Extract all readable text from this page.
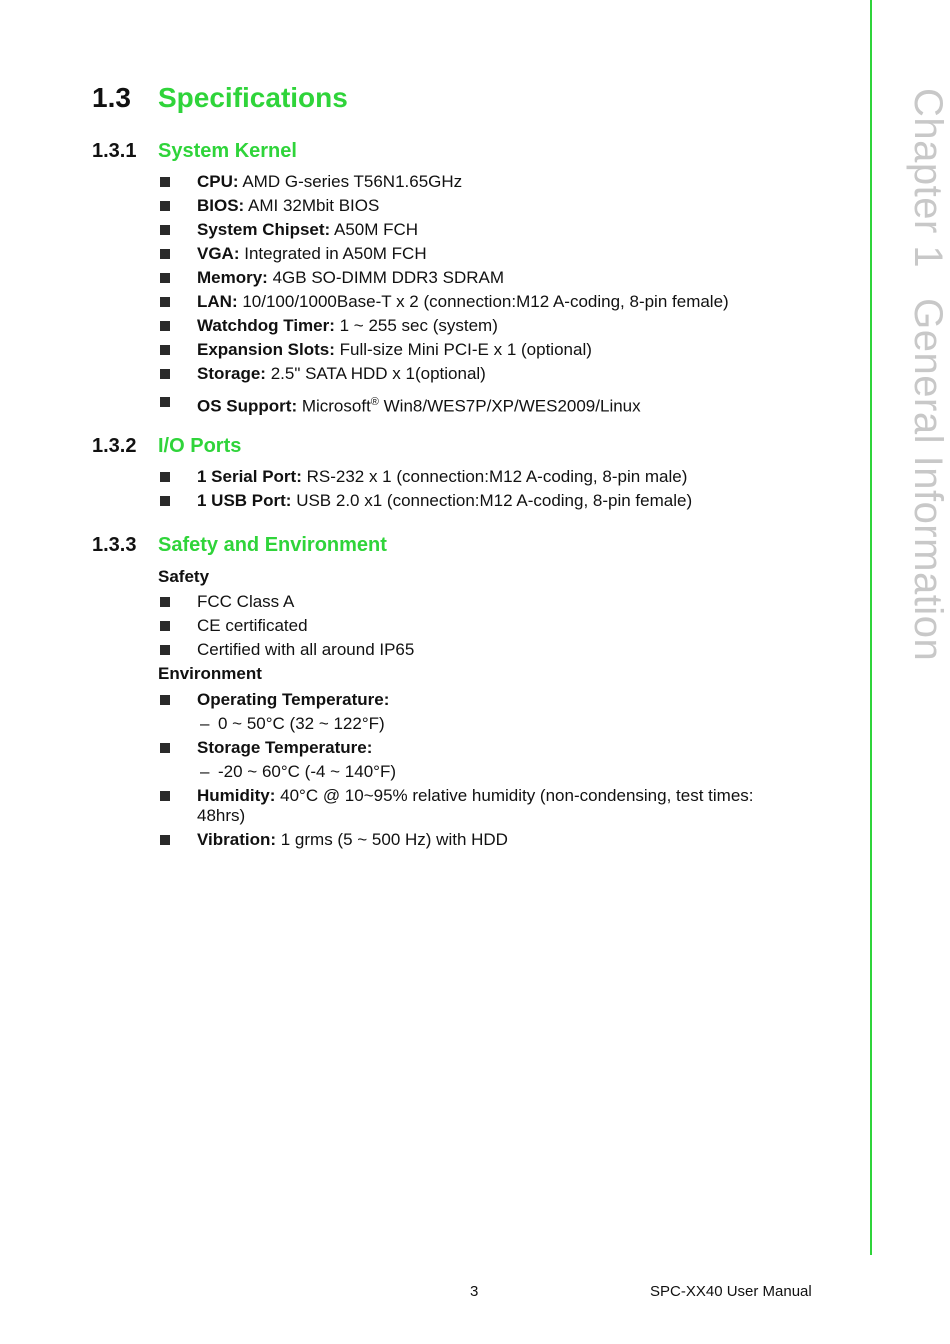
Chapter 1General Information
1.3 Specifications
1.3.1 System Kernel
CPU: AMD G-series T56N1.65GHz
BIOS: AMI 32Mbit BIOS
System Chipset: A50M FCH
VGA: Integrated in A50M FCH
Memory: 4GB SO-DIMM DDR3 SDRAM
LAN: 10/100/1000Base-T x 2 (connection:M12 A-coding, 8-pin female)
Watchdog Timer: 1 ~ 255 sec (system)
Expansion Slots: Full-size Mini PCI-E x 1 (optional)
Storage: 2.5" SATA HDD x 1(optional)
OS Support: Microsoft® Win8/WES7P/XP/WES2009/Linux
1.3.2 I/O Ports
1 Serial Port: RS-232 x 1 (connection:M12 A-coding, 8-pin male)
1 USB Port: USB 2.0 x1 (connection:M12 A-coding, 8-pin female)
1.3.3 Safety and Environment
Safety
FCC Class A
CE certificated
Certified with all around IP65
Environment
Operating Temperature:
– 0 ~ 50°C (32 ~ 122°F)
Storage Temperature:
– -20 ~ 60°C (-4 ~ 140°F)
Humidity: 40°C @ 10~95% relative humidity (non-condensing, test times:
48hrs)
Vibration: 1 grms (5 ~ 500 Hz) with HDD
3	SPC-XX40 User Manual
